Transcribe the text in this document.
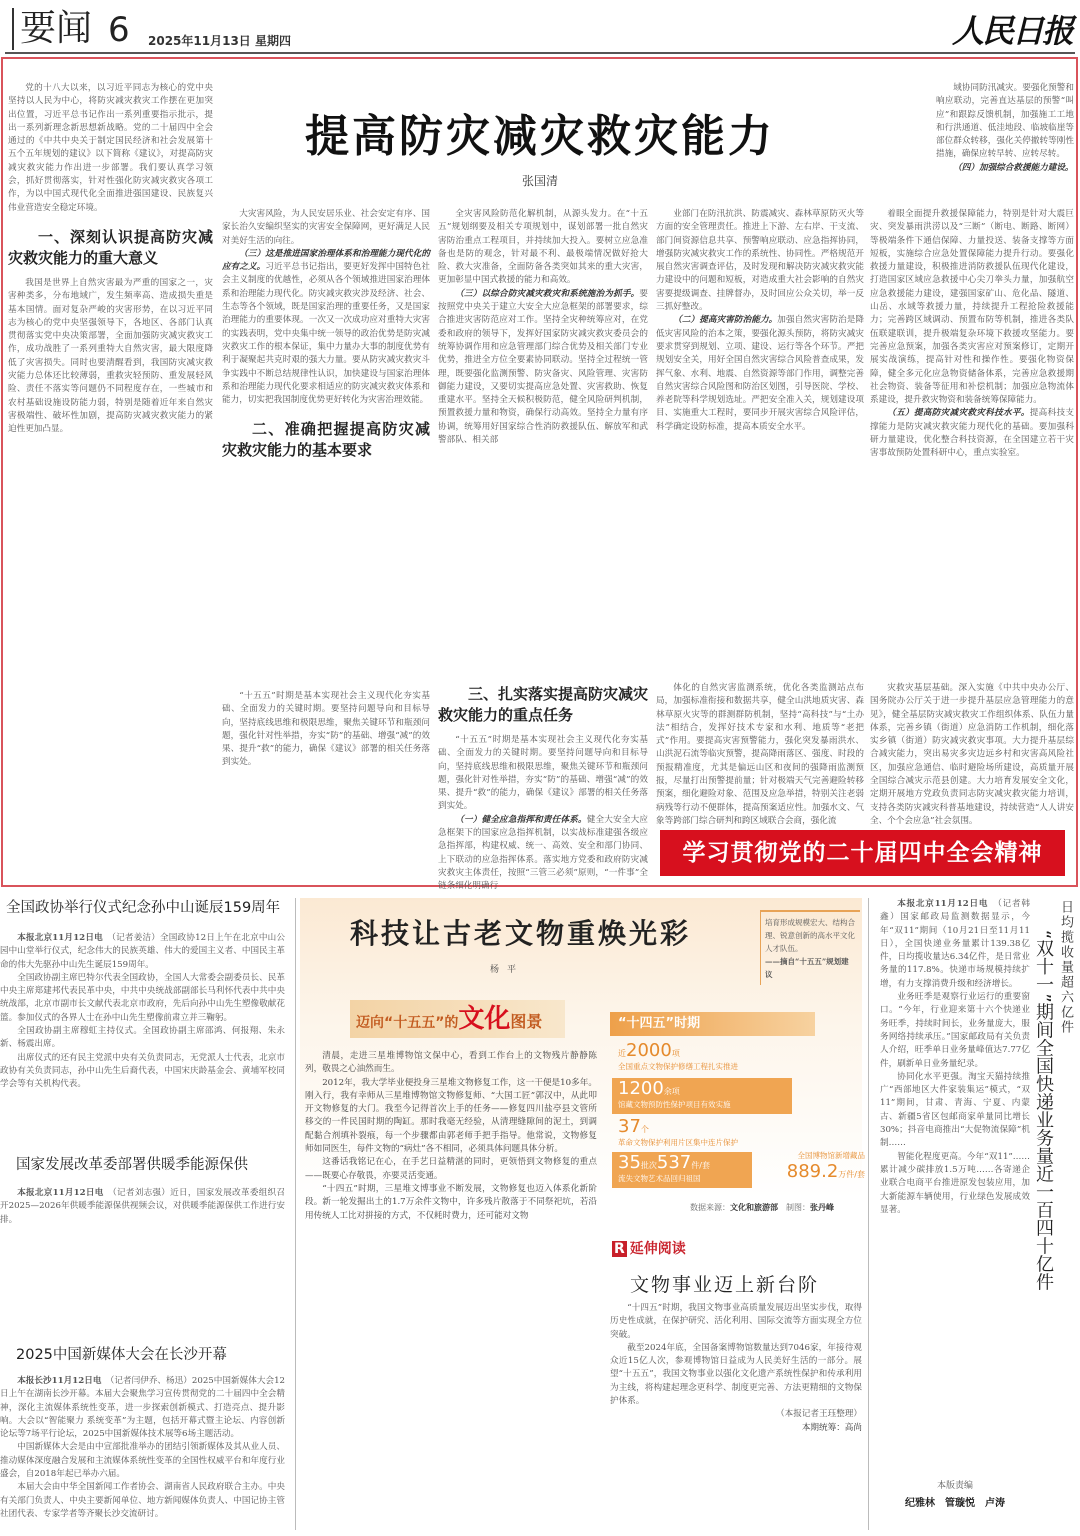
要闻 6 2025年11月13日 星期四	人民日报
提高防灾减灾救灾能力
张国清

党的十八大以来，以习近平同志为核心的党中央坚持以人民为中心，将防灾减灾救灾工作摆在更加突出位置，习近平总书记作出一系列重要指示批示，提出一系列新理念新思想新战略。党的二十届四中全会通过的《中共中央关于制定国民经济和社会发展第十五个五年规划的建议》以下简称《建议》，对提高防灾减灾救灾能力作出进一步部署。我们要认真学习领会，抓好贯彻落实，针对性强化防灾减灾救灾各项工作，为以中国式现代化全面推进强国建设、民族复兴伟业营造安全稳定环境。

一、深刻认识提高防灾减灾救灾能力的重大意义

我国是世界上自然灾害最为严重的国家之一，灾害种类多，分布地域广，发生频率高、造成损失重是基本国情。面对复杂严峻的灾害形势，在以习近平同志为核心的党中央坚强领导下，各地区、各部门认真贯彻落实党中央决策部署，全面加强防灾减灾救灾工作，成功战胜了一系列重特大自然灾害，最大限度降低了灾害损失。同时也要清醒看到，我国防灾减灾救灾能力总体还比较薄弱，重救灾轻预防、重发展轻风险、责任不落实等问题仍不同程度存在，一些城市和农村基础设施设防能力弱，特别是随着近年来自然灾害极端性、破坏性加剧，提高防灾减灾救灾能力的紧迫性更加凸显。

大灾害风险，为人民安居乐业、社会安定有序、国家长治久安编织坚实的灾害安全保障网，更好满足人民对美好生活的向往。

（三）这是推进国家治理体系和治理能力现代化的应有之义。习近平总书记指出，要更好发挥中国特色社会主义制度的优越性，必须从各个领域推进国家治理体系和治理能力现代化。防灾减灾救灾涉及经济、社会、生态等各个领域，既是国家治理的重要任务，又是国家治理能力的重要体现。一次又一次成功应对重特大灾害的实践表明，党中央集中统一领导的政治优势是防灾减灾救灾工作的根本保证，集中力量办大事的制度优势有利于凝聚起共克时艰的强大力量。要从防灾减灾救灾斗争实践中不断总结规律性认识，加快建设与国家治理体系和治理能力现代化要求相适应的防灾减灾救灾体系和能力，切实把我国制度优势更好转化为灾害治理效能。

二、准确把握提高防灾减灾救灾能力的基本要求

全灾害风险防范化解机制，从源头发力。在“十五五”规划纲要及相关专项规划中，谋划部署一批自然灾害防治重点工程项目，并持续加大投入。要树立应急准备也是防的观念，针对最不利、最极端情况做好抢大险、救大灾准备，全面防备各类突如其来的重大灾害，更加彰显中国式救援的能力和高效。

（三）以综合防灾减灾救灾和系统施治为抓手。要按照党中央关于建立大安全大应急框架的部署要求，综合推进灾害防范应对工作。坚持全灾种统筹应对，在党委和政府的领导下，发挥好国家防灾减灾救灾委员会的统筹协调作用和应急管理部门综合优势及相关部门专业优势，推进全方位全要素协同联动。坚持全过程统一管理，既要强化监测预警、防灾备灾、风险管理、灾害防御能力建设，又要切实提高应急处置、灾害救助、恢复重建水平。坚持全天候积极防范，健全风险研判机制，预置救援力量和物资，确保行动高效。坚持全力量有序协调，统筹用好国家综合性消防救援队伍、解放军和武警部队、相关部

业部门在防汛抗洪、防震减灾、森林草原防灭火等方面的安全管理责任。推进上下游、左右岸、干支流、部门间资源信息共享、预警响应联动、应急指挥协同，增强防灾减灾救灾工作的系统性、协同性。严格规范开展自然灾害调查评估，及时发现和解决防灾减灾救灾能力建设中的问题和短板，对造成重大社会影响的自然灾害要提级调查、挂牌督办，及时回应公众关切，举一反三抓好整改。

（二）提高灾害防治能力。加强自然灾害防治是降低灾害风险的治本之策，要强化源头预防，将防灾减灾要求贯穿到规划、立项、建设、运行等各个环节。严把规划安全关，用好全国自然灾害综合风险普查成果，发挥气象、水利、地震、自然资源等部门作用，调整完善自然灾害综合风险图和防治区划图，引导医院、学校、养老院等科学规划选址。严把安全准入关，规划建设项目、实施重大工程时，要同步开展灾害综合风险评估，科学确定设防标准，提高本质安全水平。

域协同防汛减灾。要强化预警和响应联动，完善直达基层的预警“叫应”和跟踪反馈机制，加强施工工地和行洪通道、低洼地段、临坡临崖等部位群众转移，强化关停撤转等刚性措施，确保应转早转、应转尽转。

（四）加强综合救援能力建设。

着眼全面提升救援保障能力，特别是针对大震巨灾、突发暴雨洪涝以及“三断”（断电、断路、断网）等极端条件下通信保障、力量投送、装备支撑等方面短板，实施综合应急处置保障能力提升行动。要强化救援力量建设，积极推进消防救援队伍现代化建设，打造国家区域应急救援中心尖刀拳头力量，加强航空应急救援能力建设，建强国家矿山、危化品、隧道、山岳、水域等救援力量，持续提升工程抢险救援能力；完善跨区域调动、预置布防等机制，推进各类队伍联建联训，提升极端复杂环境下救援攻坚能力。要完善应急预案，加强各类灾害应对预案修订，定期开展实战演练，提高针对性和操作性。要强化物资保障，健全多元化应急物资储备体系，完善应急救援期社会物资、装备等征用和补偿机制；加强应急物流体系建设，提升救灾物资和装备统筹保障能力。

（五）提高防灾减灾救灾科技水平。提高科技支撑能力是防灾减灾救灾能力现代化的基础。要加强科研力量建设，优化整合科技资源，在全国建立若干灾害事故预防处置科研中心，重点实验室。

“十五五”时期是基本实现社会主义现代化夯实基础、全面发力的关键时期。要坚持问题导向和目标导向，坚持底线思维和极限思维，聚焦关键环节和瓶颈问题，强化针对性举措，夯实“防”的基础、增强“减”的效果、提升“救”的能力，确保《建议》部署的相关任务落到实处。

三、扎实落实提高防灾减灾救灾能力的重点任务

“十五五”时期是基本实现社会主义现代化夯实基础、全面发力的关键时期。要坚持问题导向和目标导向，坚持底线思维和极限思维，聚焦关键环节和瓶颈问题，强化针对性举措，夯实“防”的基础、增强“减”的效果、提升“救”的能力，确保《建议》部署的相关任务落到实处。

（一）健全应急指挥和责任体系。健全大安全大应急框架下的国家应急指挥机制，以实战标准建强各级应急指挥部，构建权威、统一、高效、安全和部门协同、上下联动的应急指挥体系。落实地方党委和政府防灾减灾救灾主体责任，按照“三管三必须”原则，“一件事”全链条细化明确行

体化的自然灾害监测系统，优化各类监测站点布局，加强标准衔接和数据共享，健全山洪地质灾害、森林草原火灾等的群测群防机制，坚持“高科技”与“土办法”相结合，发挥好技术专家和水利、地质等“老把式”作用。要提高灾害预警能力，强化突发暴雨洪水、山洪泥石流等临灾预警，提高降雨落区、强度、时段的预报精准度，尤其是偏远山区和夜间的强降雨监测预报，尽量打出预警提前量；针对极端天气完善避险转移预案，细化避险对象、范围及应急举措，特别关注老弱病残等行动不便群体，提高预案适应性。加强水文、气象等跨部门综合研判和跨区域联合会商，强化流

灾救灾基层基础。深入实施《中共中央办公厅、国务院办公厅关于进一步提升基层应急管理能力的意见》，健全基层防灾减灾救灾工作组织体系、队伍力量体系，完善乡镇（街道）应急消防工作机制，细化落实乡镇（街道）防灾减灾救灾事项。大力提升基层综合减灾能力，突出易灾多灾边远乡村和灾害高风险社区，加强应急通信、临时避险场所建设，高质量开展全国综合减灾示范县创建。大力培育发展安全文化，定期开展地方党政负责同志防灾减灾救灾能力培训，支持各类防灾减灾科普基地建设，持续营造“人人讲安全、个个会应急”社会氛围。

学习贯彻党的二十届四中全会精神
全国政协举行仪式纪念孙中山诞辰159周年

本报北京11月12日电　 （记者姜洁）全国政协12日上午在北京中山公园中山堂举行仪式，纪念伟大的民族英雄、伟大的爱国主义者、中国民主革命的伟大先驱孙中山先生诞辰159周年。

全国政协副主席巴特尔代表全国政协，全国人大常委会副委员长、民革中央主席郑建邦代表民革中央，中共中央统战部副部长马利怀代表中共中央统战部，北京市副市长文献代表北京市政府，先后向孙中山先生塑像敬献花篮。参加仪式的各界人士在孙中山先生塑像前肃立并三鞠躬。

全国政协副主席穆虹主持仪式。全国政协副主席邵鸿、何报翔、朱永新、杨震出席。

出席仪式的还有民主党派中央有关负责同志，无党派人士代表，北京市政协有关负责同志，孙中山先生后裔代表，中国宋庆龄基金会、黄埔军校同学会等有关机构代表。

国家发展改革委部署供暖季能源保供

本报北京11月12日电　 （记者刘志强）近日，国家发展改革委组织召开2025—2026年供暖季能源保供视频会议，对供暖季能源保供工作进行安排。

2025中国新媒体大会在长沙开幕

本报长沙11月12日电　 （记者闫伊乔、杨迅）2025中国新媒体大会12日上午在湖南长沙开幕。本届大会聚焦学习宣传贯彻党的二十届四中全会精神，深化主流媒体系统性变革，进一步探索创新模式、打造亮点、提升影响。大会以“智能聚力 系统变革”为主题，包括开幕式暨主论坛、内容创新论坛等7场平行论坛，2025中国新媒体技术展等6场主题活动。

中国新媒体大会是由中宣部批准举办的团结引领新媒体及其从业人员、推动媒体深度融合发展和主流媒体系统性变革的全国性权威平台和年度行业盛会，自2018年起已举办六届。

本届大会由中华全国新闻工作者协会、湖南省人民政府联合主办。中央有关部门负责人、中央主要新闻单位、地方新闻媒体负责人、中国记协主管社团代表、专家学者等齐聚长沙交流研讨。

科技让古老文物重焕光彩
杨平
培育形成规模宏大、结构合理、锐意创新的高水平文化人才队伍。
——摘自“十五五”规划建议
迈向“十五五”的文化图景

清晨，走进三星堆博物馆文保中心，看到工作台上的文物残片静静陈列，敬畏之心油然而生。

2012年，我大学毕业便投身三星堆文物修复工作，这一干便是10多年。刚入行，我有幸师从三星堆博物馆文物修复师、“大国工匠”郭汉中，从此叩开文物修复的大门。我至今记得首次上手的任务——修复四川盐亭县文管所移交的一件民国时期的陶缸。那时我毫无经验，从清理缝隙间的泥土，到调配黏合剂填补裂痕，每一个步骤都由郭老师手把手指导。他常说，文物修复师如同医生，每件文物的“病灶”各不相同，必须具体问题具体分析。

这番话我铭记在心，在手艺日益精湛的同时，更领悟到文物修复的重点——既要心存敬畏，亦要灵活变通。

“十四五”时期，三星堆文博事业不断发展，文物修复也迈入体系化新阶段。新一轮发掘出土的1.7万余件文物中，许多残片散落于不同祭祀坑，若沿用传统人工比对拼接的方式，不仅耗时费力，还可能对文物

“十四五”时期
近2000项
全国重点文物保护修缮工程扎实推进
1200余项
馆藏文物预防性保护项目有效实施
37个
革命文物保护利用片区集中连片保护
35批次537件/套
流失文物艺术品回归祖国
全国博物馆新增藏品
889.2万件/套
数据来源：文化和旅游部　 制图：张丹峰
R 延伸阅读
文物事业迈上新台阶

“十四五”时期，我国文物事业高质量发展迈出坚实步伐，取得历史性成就，在保护研究、活化利用、国际交流等方面实现全方位突破。

截至2024年底，全国备案博物馆数量达到7046家，年接待观众近15亿人次，参观博物馆日益成为人民美好生活的一部分。展望“十五五”，我国文物事业以强化文化遗产系统性保护和传承利用为主线，将构建起理念更科学、制度更完善、方法更精细的文物保护体系。

（本报记者王珏整理）
本期统筹：高尚

本报北京11月12日电　 （记者韩鑫）国家邮政局监测数据显示，今年“双11”期间（10月21日至11月11日），全国快递业务量累计139.38亿件，日均揽收量达6.34亿件，是日常业务量的117.8%。快递市场规模持续扩增，有力支撑消费升级和经济增长。

业务旺季是观察行业运行的重要窗口。“今年，行业迎来第十六个快递业务旺季，持续时间长，业务量庞大，服务网络持续承压。”国家邮政局有关负责人介绍，旺季单日业务量峰值达7.77亿件，刷新单日业务量纪录。

协同化水平更强。淘宝天猫持续推广“西部地区大件家装集运”模式，“双11”期间，甘肃、青海、宁夏、内蒙古、新疆5省区包邮商家单量同比增长30%；抖音电商推出“大促物流保障”机制……

智能化程度更高。今年“双11”……累计减少碳排放1.5万吨……各寄递企业联合电商平台推进原发包装应用，加大新能源车辆使用，行业绿色发展成效显著。

日均揽收量超六亿件
“双十一”期间全国快递业务量近一百四十亿件
本版责编
纪雅林　管璇悦　卢涛
